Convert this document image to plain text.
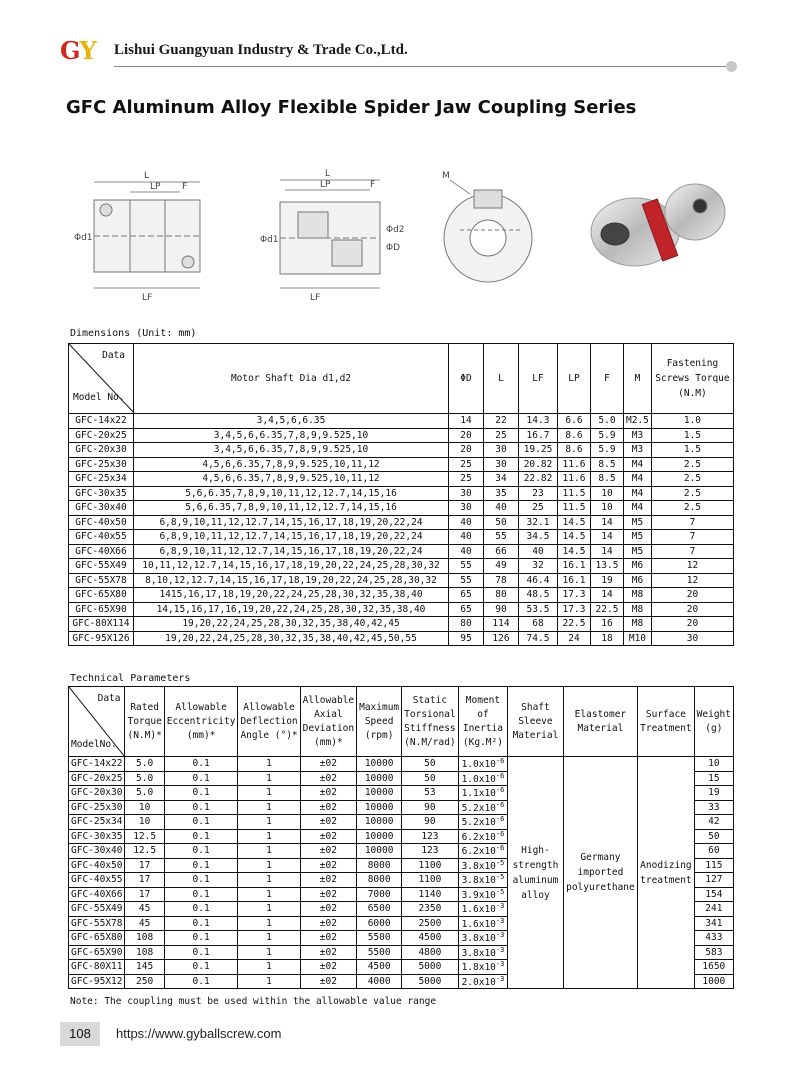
GY Lishui Guangyuan Industry & Trade Co.,Ltd.
GFC Aluminum Alloy Flexible Spider Jaw Coupling Series
L
LP F
LF
Φd1
L
LP	F
LF
Φd1
Φd2
ΦD
M
Dimensions (Unit: mm)
Data
Model No.	Motor Shaft Dia d1,d2	ΦD	L	LF	LP	F	M	Fastening Screws Torque (N.M)
GFC-14x22	3,4,5,6,6.35	14	22	14.3	6.6	5.0	M2.5	1.0
GFC-20x25	3,4,5,6,6.35,7,8,9,9.525,10	20	25	16.7	8.6	5.9	M3	1.5
GFC-20x30	3,4,5,6,6.35,7,8,9,9.525,10	20	30	19.25	8.6	5.9	M3	1.5
GFC-25x30	4,5,6,6.35,7,8,9,9.525,10,11,12	25	30	20.82	11.6	8.5	M4	2.5
GFC-25x34	4,5,6,6.35,7,8,9,9.525,10,11,12	25	34	22.82	11.6	8.5	M4	2.5
GFC-30x35	5,6,6.35,7,8,9,10,11,12,12.7,14,15,16	30	35	23	11.5	10	M4	2.5
GFC-30x40	5,6,6.35,7,8,9,10,11,12,12.7,14,15,16	30	40	25	11.5	10	M4	2.5
GFC-40x50	6,8,9,10,11,12,12.7,14,15,16,17,18,19,20,22,24	40	50	32.1	14.5	14	M5	7
GFC-40x55	6,8,9,10,11,12,12.7,14,15,16,17,18,19,20,22,24	40	55	34.5	14.5	14	M5	7
GFC-40X66	6,8,9,10,11,12,12.7,14,15,16,17,18,19,20,22,24	40	66	40	14.5	14	M5	7
GFC-55X49	10,11,12,12.7,14,15,16,17,18,19,20,22,24,25,28,30,32	55	49	32	16.1	13.5	M6	12
GFC-55X78	8,10,12,12.7,14,15,16,17,18,19,20,22,24,25,28,30,32	55	78	46.4	16.1	19	M6	12
GFC-65X80	1415,16,17,18,19,20,22,24,25,28,30,32,35,38,40	65	80	48.5	17.3	14	M8	20
GFC-65X90	14,15,16,17,16,19,20,22,24,25,28,30,32,35,38,40	65	90	53.5	17.3	22.5	M8	20
GFC-80X114	19,20,22,24,25,28,30,32,35,38,40,42,45	80	114	68	22.5	16	M8	20
GFC-95X126	19,20,22,24,25,28,30,32,35,38,40,42,45,50,55	95	126	74.5	24	18	M10	30
Technical Parameters
Data
ModelNo.	Rated Torque (N.M)*	Allowable Eccentricity (mm)*	Allowable Deflection Angle (°)*	Allowable Axial Deviation (mm)*	Maximum Speed (rpm)	Static Torsional Stiffness (N.M/rad)	Moment of Inertia (Kg.M²)	Shaft Sleeve Material	Elastomer Material	Surface Treatment	Weight (g)
GFC-14x22	5.0	0.1	1	±02	10000	50	$1.0x10^{-6}$	High-strength aluminum alloy	Germany imported polyurethane	Anodizing treatment	10
GFC-20x25	5.0	0.1	1	±02	10000	50	$1.0x10^{-6}$				15
GFC-20x30	5.0	0.1	1	±02	10000	53	$1.1x10^{-6}$				19
GFC-25x30	10	0.1	1	±02	10000	90	$5.2x10^{-6}$				33
GFC-25x34	10	0.1	1	±02	10000	90	$5.2x10^{-6}$				42
GFC-30x35	12.5	0.1	1	±02	10000	123	$6.2x10^{-6}$				50
GFC-30x40	12.5	0.1	1	±02	10000	123	$6.2x10^{-6}$				60
GFC-40x50	17	0.1	1	±02	8000	1100	$3.8x10^{-5}$				115
GFC-40x55	17	0.1	1	±02	8000	1100	$3.8x10^{-5}$				127
GFC-40X66	17	0.1	1	±02	7000	1140	$3.9x10^{-5}$				154
GFC-55X49	45	0.1	1	±02	6500	2350	$1.6x10^{-3}$				241
GFC-55X78	45	0.1	1	±02	6000	2500	$1.6x10^{-3}$				341
GFC-65X80	108	0.1	1	±02	5500	4500	$3.8x10^{-3}$				433
GFC-65X90	108	0.1	1	±02	5500	4800	$3.8x10^{-3}$				583
GFC-80X11	145	0.1	1	±02	4500	5000	$1.8x10^{-3}$				1650
GFC-95X12	250	0.1	1	±02	4000	5000	$2.0x10^{-3}$				1000
Note: The coupling must be used within the allowable value range
108	https://www.gyballscrew.com
